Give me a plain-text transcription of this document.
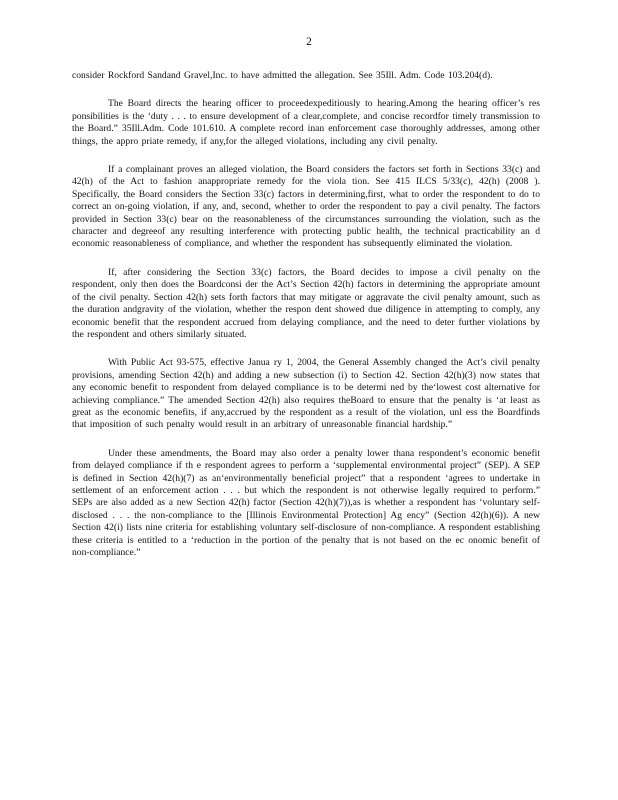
2

consider Rockford Sandand Gravel,Inc. to have admitted the allegation. See 35Ill. Adm. Code 103.204(d).

The Board directs the hearing officer to proceedexpeditiously to hearing.Among the hearing officer’s res ponsibilities is the ‘duty . . . to ensure development of a clear,complete, and concise recordfor timely transmission to the Board.” 35Ill.Adm. Code 101.610. A complete record inan enforcement case thoroughly addresses, among other things, the appro priate remedy, if any,for the alleged violations, including any civil penalty.

If a complainant proves an alleged violation, the Board considers the factors set forth in Sections 33(c) and 42(h) of the Act to fashion anappropriate remedy for the viola tion. See 415 ILCS 5/33(c), 42(h) (2008 ). Specifically, the Board considers the Section 33(c) factors in determining,first, what to order the respondent to do to correct an on-going violation, if any, and, second, whether to order the respondent to pay a civil penalty. The factors provided in Section 33(c) bear on the reasonableness of the circumstances surrounding the violation, such as the character and degreeof any resulting interference with protecting public health, the technical practicability an d economic reasonableness of compliance, and whether the respondent has subsequently eliminated the violation.

If, after considering the Section 33(c) factors, the Board decides to impose a civil penalty on the respondent, only then does the Boardconsi der the Act’s Section 42(h) factors in determining the appropriate amount of the civil penalty. Section 42(h) sets forth factors that may mitigate or aggravate the civil penalty amount, such as the duration andgravity of the violation, whether the respon dent showed due diligence in attempting to comply, any economic benefit that the respondent accrued from delaying compliance, and the need to deter further violations by the respondent and others similarly situated.

With Public Act 93-575, effective Janua ry 1, 2004, the General Assembly changed the Act’s civil penalty provisions, amending Section 42(h) and adding a new subsection (i) to Section 42. Section 42(h)(3) now states that any economic benefit to respondent from delayed compliance is to be determi ned by the‘lowest cost alternative for achieving compliance.” The amended Section 42(h) also requires theBoard to ensure that the penalty is ‘at least as great as the economic benefits, if any,accrued by the respondent as a result of the violation, unl ess the Boardfinds that imposition of such penalty would result in an arbitrary of unreasonable financial hardship.”

Under these amendments, the Board may also order a penalty lower thana respondent’s economic benefit from delayed compliance if th e respondent agrees to perform a ‘supplemental environmental project” (SEP). A SEP is defined in Section 42(h)(7) as an‘environmentally beneficial project” that a respondent ‘agrees to undertake in settlement of an enforcement action . . . but which the respondent is not otherwise legally required to perform.” SEPs are also added as a new Section 42(h) factor (Section 42(h)(7)),as is whether a respondent has ‘voluntary self-disclosed . . . the non-compliance to the [Illinois Environmental Protection] Ag ency” (Section 42(h)(6)). A new Section 42(i) lists nine criteria for establishing voluntary self-disclosure of non-compliance. A respondent establishing these criteria is entitled to a ‘reduction in the portion of the penalty that is not based on the ec onomic benefit of non-compliance.”
